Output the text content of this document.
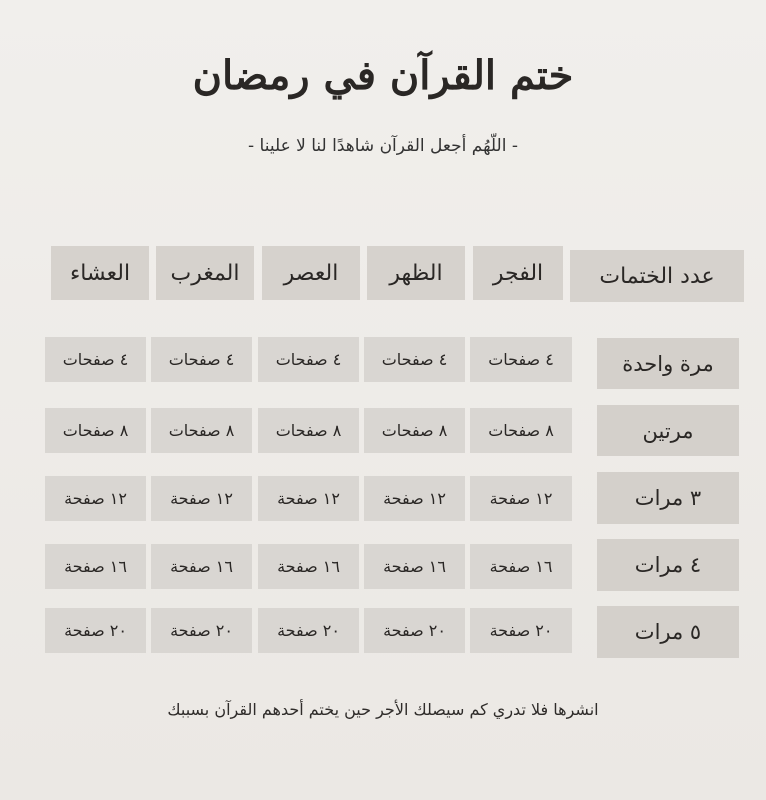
ختم القرآن في رمضان
- اللّهُم أجعل القرآن شاهدًا لنا لا علينا -
عدد الختمات
الفجر
الظهر
العصر
المغرب
العشاء
مرة واحدة
٤ صفحات
٤ صفحات
٤ صفحات
٤ صفحات
٤ صفحات
مرتين
٨ صفحات
٨ صفحات
٨ صفحات
٨ صفحات
٨ صفحات
٣ مرات
١٢ صفحة
١٢ صفحة
١٢ صفحة
١٢ صفحة
١٢ صفحة
٤ مرات
١٦ صفحة
١٦ صفحة
١٦ صفحة
١٦ صفحة
١٦ صفحة
٥ مرات
٢٠ صفحة
٢٠ صفحة
٢٠ صفحة
٢٠ صفحة
٢٠ صفحة
انشرها فلا تدري كم سيصلك الأجر حين يختم أحدهم القرآن بسببك
